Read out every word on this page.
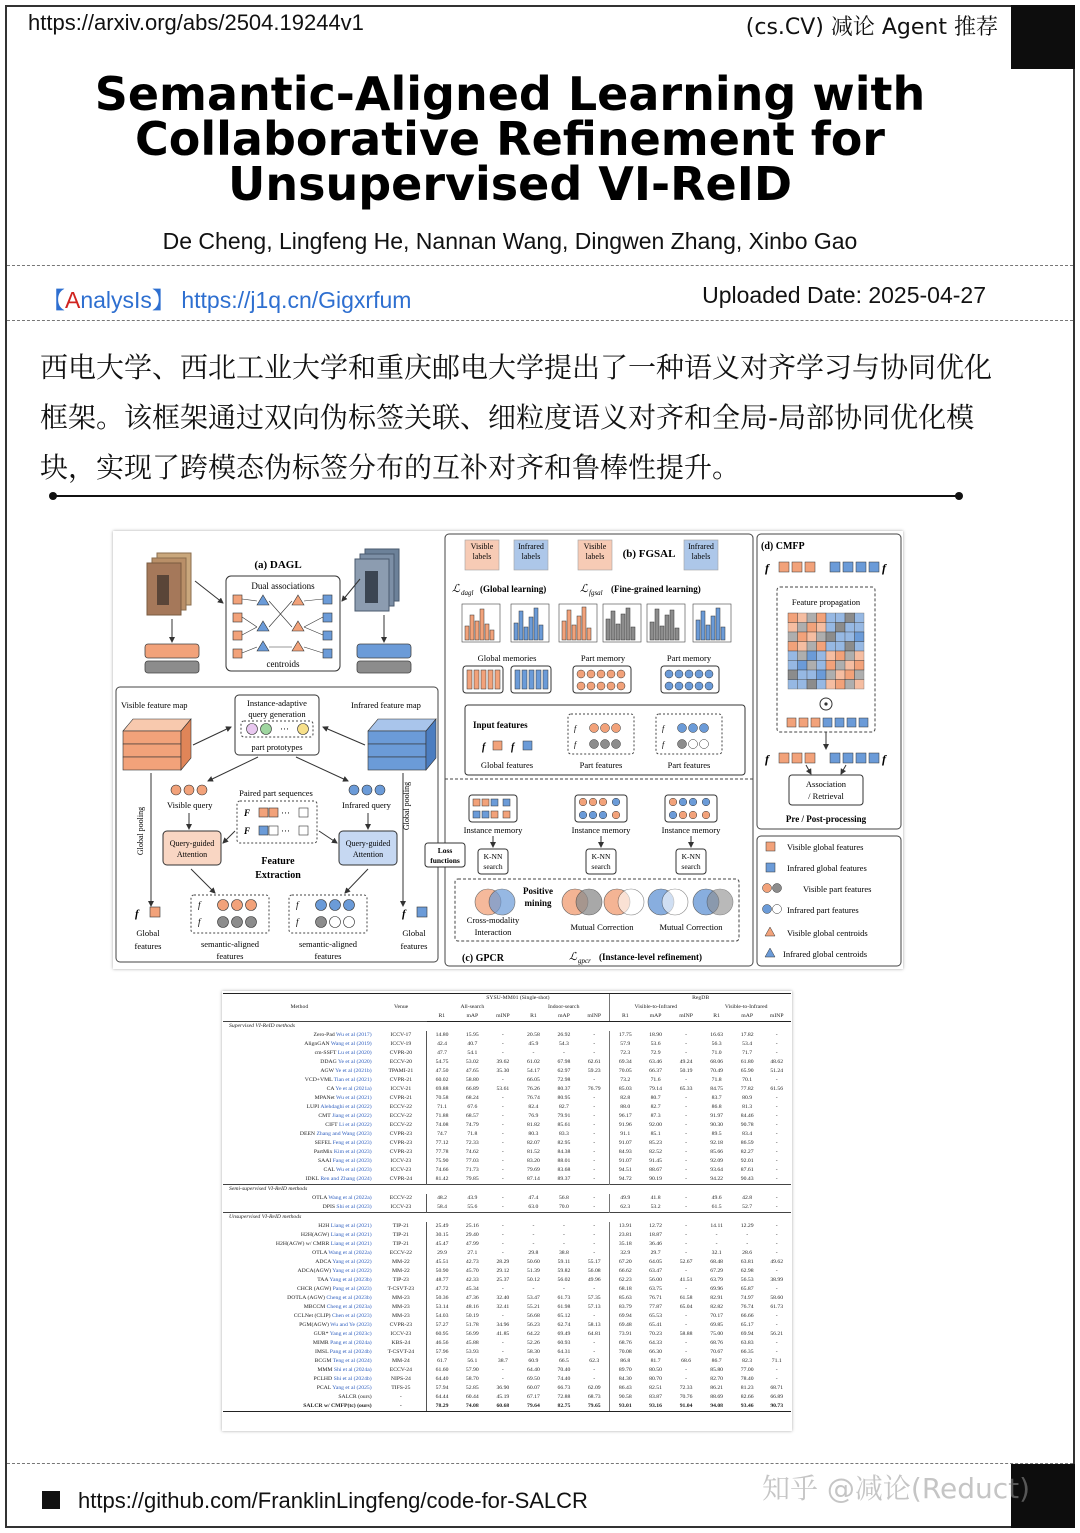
https://arxiv.org/abs/2504.19244v1	(cs.CV) 减论 Agent 推荐
Semantic-Aligned Learning with
Collaborative Refinement for
Unsupervised VI-ReID
De Cheng, Lingfeng He, Nannan Wang, Dingwen Zhang, Xinbo Gao
【AnalysIs】 https://j1q.cn/Gigxrfum	Uploaded Date: 2025-04-27
西电大学、西北工业大学和重庆邮电大学提出了一种语义对齐学习与协同优化框架。该框架通过双向伪标签关联、细粒度语义对齐和全局-局部协同优化模块，实现了跨模态伪标签分布的互补对齐和鲁棒性提升。
(a) DAGL
Dual associations
centroids
Visible feature map	Infrared feature map
Instance-adaptive
query generation
···
part prototypes
Visible query	Infrared query
Paired part sequences
F	···
F	···
Query-guided
Attention
Query-guided
Attention
Feature
Extraction
Global pooling
Global pooling
f
Global
features
f
Global
features
f
f
semantic-aligned
features
f
f
semantic-aligned
features
Visible
labels
Infrared
labels
Visible
labels
Infrared
labels
(b) FGSAL
ℒ dagl (Global learning)	ℒ fgsal (Fine-grained learning)
Global memories	Part memory	Part memory
Input features
f	f
Global features
f
f
Part features
f
f
Part features
Instance memory	Instance memory	Instance memory
Loss
functions	K-NN
search
K-NN
search
K-NN
search
Positive
mining
Cross-modality
Interaction	Mutual Correction	Mutual Correction
(c) GPCR	ℒ gpcr (Instance-level refinement)
(d) CMFP
f	f
Feature propagation
f	f
Association
/ Retrieval
Pre / Post-processing
Visible global features
Infrared global features
Visible part features
Infrared part features
Visible global centroids
Infrared global centroids
Method	Venue	SYSU-MM01 (Single-shot)						RegDB					
		All-search			Indoor-search			Visible-to-Infrared			Visible-to-Infrared		
		R1	mAP	mINP	R1	mAP	mINP	R1	mAP	mINP	R1	mAP	mINP
Supervised VI-ReID methods													
Zero-Pad Wu et al (2017)	ICCV-17	14.80	15.95	-	20.58	26.92	-	17.75	18.90	-	16.63	17.82	-
AlignGAN Wang et al (2019)	ICCV-19	42.4	40.7	-	45.9	54.3	-	57.9	53.6	-	56.3	53.4	-
cm-SSFT Lu et al (2020)	CVPR-20	47.7	54.1	-	-	-	-	72.3	72.9	-	71.0	71.7	-
DDAG Ye et al (2020)	ECCV-20	54.75	53.02	39.62	61.02	67.98	62.61	69.34	63.46	49.24	68.06	61.80	48.62
AGW Ye et al (2021b)	TPAMI-21	47.50	47.65	35.30	54.17	62.97	59.23	70.05	66.37	50.19	70.49	65.90	51.24
VCD+VML Tian et al (2021)	CVPR-21	60.02	58.80	-	66.05	72.98	-	73.2	71.6	-	71.8	70.1	-
CA Ye et al (2021a)	ICCV-21	69.88	66.89	53.61	76.26	80.37	76.79	85.03	79.14	65.33	84.75	77.82	61.56
MPANet Wu et al (2021)	CVPR-21	70.58	68.24	-	76.74	80.95	-	82.8	80.7	-	83.7	80.9	-
LUPI Alehdaghi et al (2022)	ECCV-22	71.1	67.6	-	82.4	82.7	-	88.0	82.7	-	86.8	81.3	-
CMT Jiang et al (2022)	ECCV-22	71.88	68.57	-	76.9	79.91	-	96.17	87.3	-	91.97	84.46	-
CIFT Li et al (2022)	ECCV-22	74.08	74.79	-	81.82	85.61	-	91.96	92.00	-	90.30	90.78	-
DEEN Zhang and Wang (2023)	CVPR-23	74.7	71.8	-	80.3	83.3	-	91.1	85.1	-	89.5	83.4	-
SEFEL Feng et al (2023)	CVPR-23	77.12	72.33	-	82.07	82.95	-	91.07	85.23	-	92.18	86.59	-
PartMix Kim et al (2023)	CVPR-23	77.78	74.62	-	81.52	84.38	-	84.93	82.52	-	85.66	82.27	-
SAAI Fang et al (2023)	ICCV-23	75.90	77.03	-	83.20	88.01	-	91.07	91.45	-	92.09	92.01	-
CAL Wu et al (2023)	ICCV-23	74.66	71.73	-	79.69	83.68	-	94.51	88.67	-	93.64	87.61	-
IDKL Ren and Zhang (2024)	CVPR-24	81.42	79.85	-	87.14	89.37	-	94.72	90.19	-	94.22	90.43	-
Semi-supervised VI-ReID methods													
OTLA Wang et al (2022a)	ECCV-22	48.2	43.9	-	47.4	56.8	-	49.9	41.8	-	49.6	42.8	-
DPIS Shi et al (2023)	ICCV-23	58.4	55.6	-	63.0	70.0	-	62.3	53.2	-	61.5	52.7	-
Unsupervised VI-ReID methods													
H2H Liang et al (2021)	TIP-21	25.49	25.16	-	-	-	-	13.91	12.72	-	14.11	12.29	-
H2H(AGW) Liang et al (2021)	TIP-21	30.15	29.40	-	-	-	-	23.81	18.87	-	-	-	-
H2H(AGW) w/ CMRR Liang et al (2021)	TIP-21	45.47	47.99	-	-	-	-	35.18	36.46	-	-	-	-
OTLA Wang et al (2022a)	ECCV-22	29.9	27.1	-	29.8	38.8	-	32.9	29.7	-	32.1	28.6	-
ADCA Yang et al (2022)	MM-22	45.51	42.73	28.29	50.60	59.11	55.17	67.20	64.05	52.67	68.48	63.81	49.62
ADCA(AGW) Yang et al (2022)	MM-22	50.90	45.70	29.12	51.39	59.82	56.08	66.62	63.47	-	67.29	62.98	-
TAA Yang et al (2023b)	TIP-23	48.77	42.33	25.37	50.12	56.02	49.96	62.23	56.00	41.51	63.79	56.53	38.99
CHCR (AGW) Pang et al (2023)	T-CSVT-23	47.72	45.34	-	-	-	-	68.18	63.75	-	69.96	65.87	-
DOTLA (AGW) Cheng et al (2023b)	MM-23	50.36	47.36	32.40	53.47	61.73	57.35	85.63	76.71	61.58	82.91	74.97	58.60
MBCCM Cheng et al (2023a)	MM-23	53.14	48.16	32.41	55.21	61.98	57.13	83.79	77.87	65.04	82.82	76.74	61.73
CCLNet (CLIP) Chen et al (2023)	MM-23	54.03	50.19	-	56.68	65.12	-	69.94	65.53	-	70.17	66.66	-
PGM(AGW) Wu and Ye (2023)	CVPR-23	57.27	51.78	34.96	56.23	62.74	58.13	69.48	65.41	-	69.85	65.17	-
GUR* Yang et al (2023c)	ICCV-23	60.95	56.99	41.85	64.22	69.49	64.81	73.91	70.23	58.88	75.00	69.94	56.21
MIMR Pang et al (2024a)	KBS-24	46.56	45.88	-	52.26	60.93	-	68.76	64.33	-	68.76	63.83	-
IMSL Pang et al (2024b)	T-CSVT-24	57.96	53.93	-	58.30	64.31	-	70.08	66.30	-	70.67	66.35	-
BCGM Teng et al (2024)	MM-24	61.7	56.1	38.7	60.9	66.5	62.3	86.8	81.7	68.6	86.7	82.3	71.1
MMM Shi et al (2024a)	ECCV-24	61.60	57.90	-	64.40	70.40	-	89.70	80.50	-	85.80	77.00	-
PCLHD Shi et al (2024b)	NIPS-24	64.40	58.70	-	69.50	74.40	-	84.30	80.70	-	82.70	78.40	-
PCAL Yang et al (2025)	TIFS-25	57.94	52.85	36.90	60.07	66.73	62.09	86.43	82.51	72.33	86.21	81.23	68.71
SALCR (ours)	-	64.44	60.44	45.19	67.17	72.88	68.73	90.58	83.87	70.76	88.69	82.66	66.89
SALCR w/ CMFP(tc) (ours)	-	78.29	74.08	60.68	79.64	82.75	79.65	93.01	93.16	91.04	94.08	93.46	90.73
https://github.com/FranklinLingfeng/code-for-SALCR	知乎 @减论(Reduct)
